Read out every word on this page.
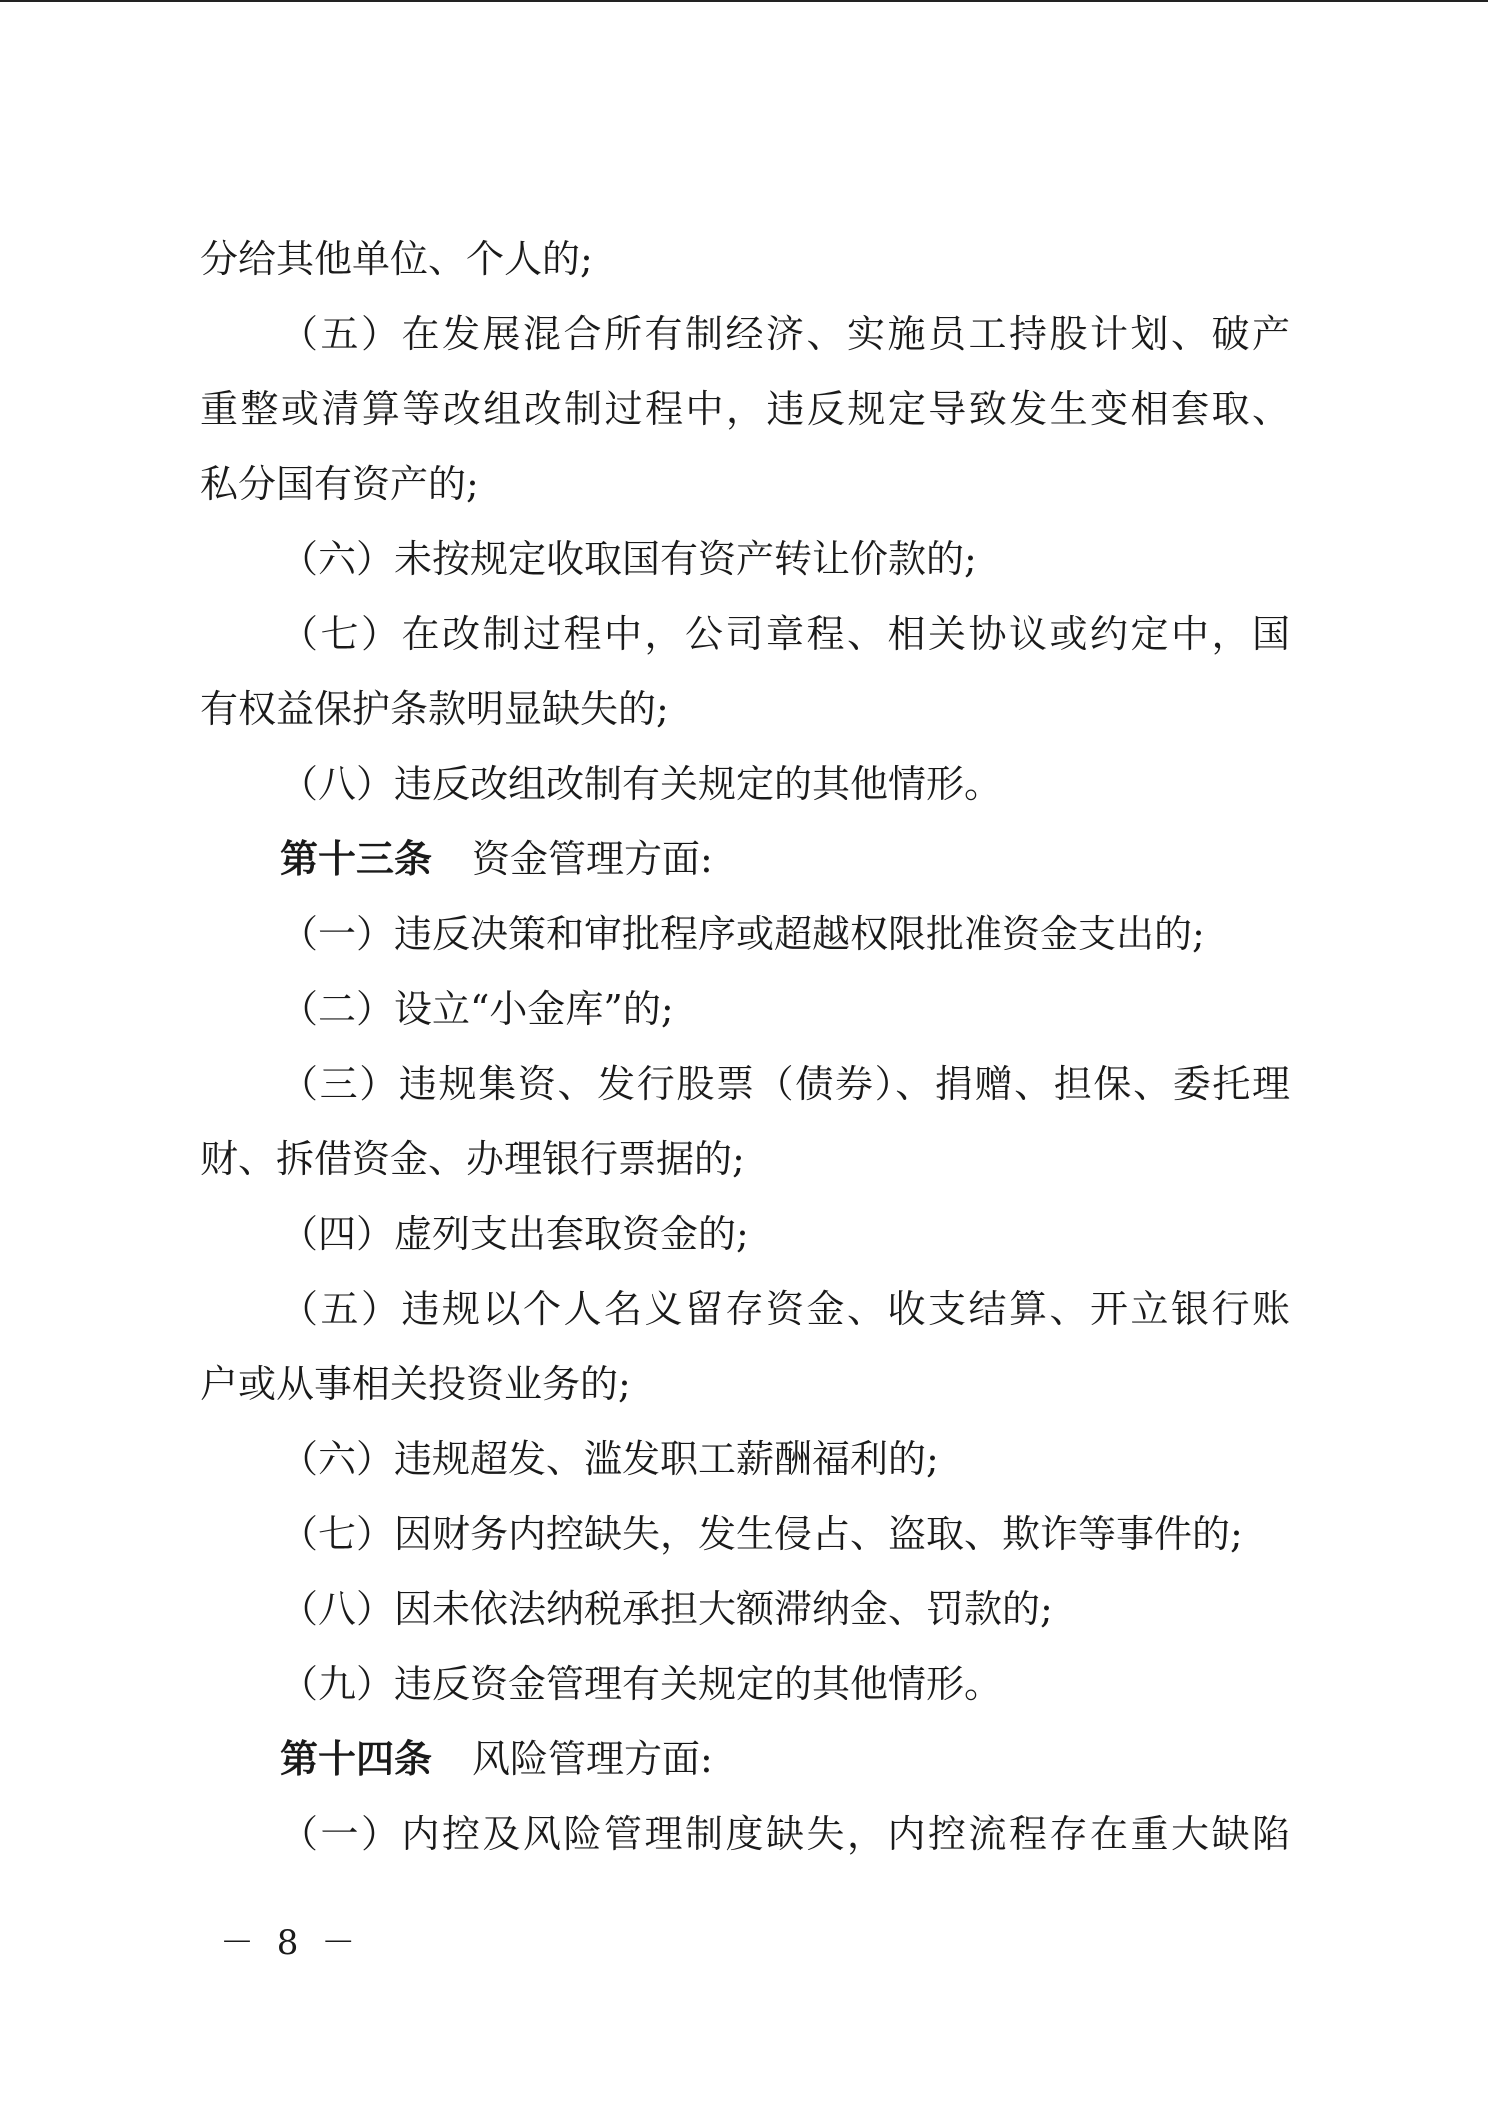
分给其他单位、个人的;
（五）在发展混合所有制经济、实施员工持股计划、破产
重整或清算等改组改制过程中，违反规定导致发生变相套取、
私分国有资产的;
（六）未按规定收取国有资产转让价款的;
（七）在改制过程中，公司章程、相关协议或约定中，国
有权益保护条款明显缺失的;
（八）违反改组改制有关规定的其他情形。
第十三条 资金管理方面:
（一）违反决策和审批程序或超越权限批准资金支出的;
（二）设立“小金库”的;
（三）违规集资、发行股票（债券）、捐赠、担保、委托理
财、拆借资金、办理银行票据的;
（四）虚列支出套取资金的;
（五）违规以个人名义留存资金、收支结算、开立银行账
户或从事相关投资业务的;
（六）违规超发、滥发职工薪酬福利的;
（七）因财务内控缺失，发生侵占、盗取、欺诈等事件的;
（八）因未依法纳税承担大额滞纳金、罚款的;
（九）违反资金管理有关规定的其他情形。
第十四条 风险管理方面:
（一）内控及风险管理制度缺失，内控流程存在重大缺陷
－ 8 －
